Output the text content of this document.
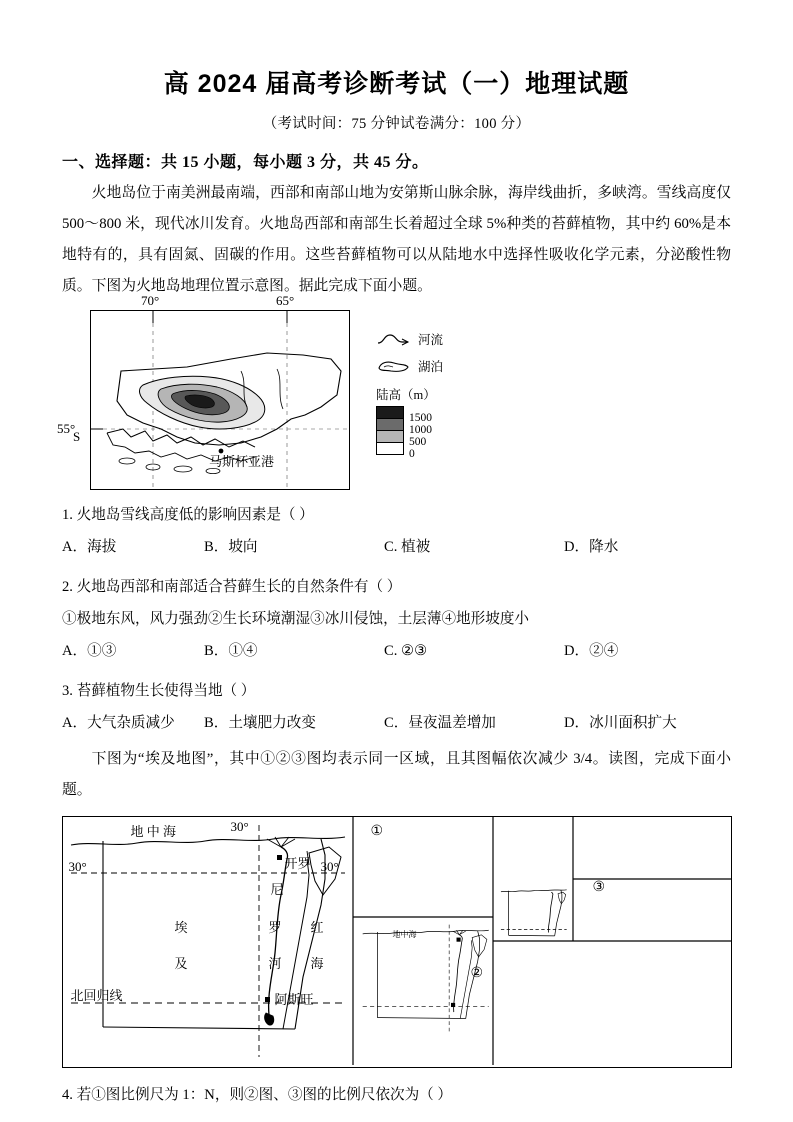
高 2024 届高考诊断考试（一）地理试题
（考试时间：75 分钟试卷满分：100 分）
一、选择题：共 15 小题，每小题 3 分，共 45 分。
火地岛位于南美洲最南端，西部和南部山地为安第斯山脉余脉，海岸线曲折，多峡湾。雪线高度仅500～800 米，现代冰川发育。火地岛西部和南部生长着超过全球 5%种类的苔藓植物，其中约 60%是本地特有的，具有固氮、固碳的作用。这些苔藓植物可以从陆地水中选择性吸收化学元素，分泌酸性物质。下图为火地岛地理位置示意图。据此完成下面小题。
70°	65°
55°
S
马斯杯亚港

河流
湖泊
陆高（m）
1500
1000
500
0
1. 火地岛雪线高度低的影响因素是（ ）
A．海拔	B．坡向	C. 植被	D．降水
2. 火地岛西部和南部适合苔藓生长的自然条件有（ ）
①极地东风，风力强劲②生长环境潮湿③冰川侵蚀，土层薄④地形坡度小
A．①③	B．①④	C. ②③	D．②④
3. 苔藓植物生长使得当地（ ）
A．大气杂质减少	B．土壤肥力改变	C．昼夜温差增加	D．冰川面积扩大
下图为“埃及地图”，其中①②③图均表示同一区域，且其图幅依次减少 3/4。读图，完成下面小题。
地 中 海	30°
30°	30°
开罗
尼
埃
及
罗
河
红
海
北回归线	阿斯旺
①
②
③
地中海
4. 若①图比例尺为 1：N，则②图、③图的比例尺依次为（ ）
